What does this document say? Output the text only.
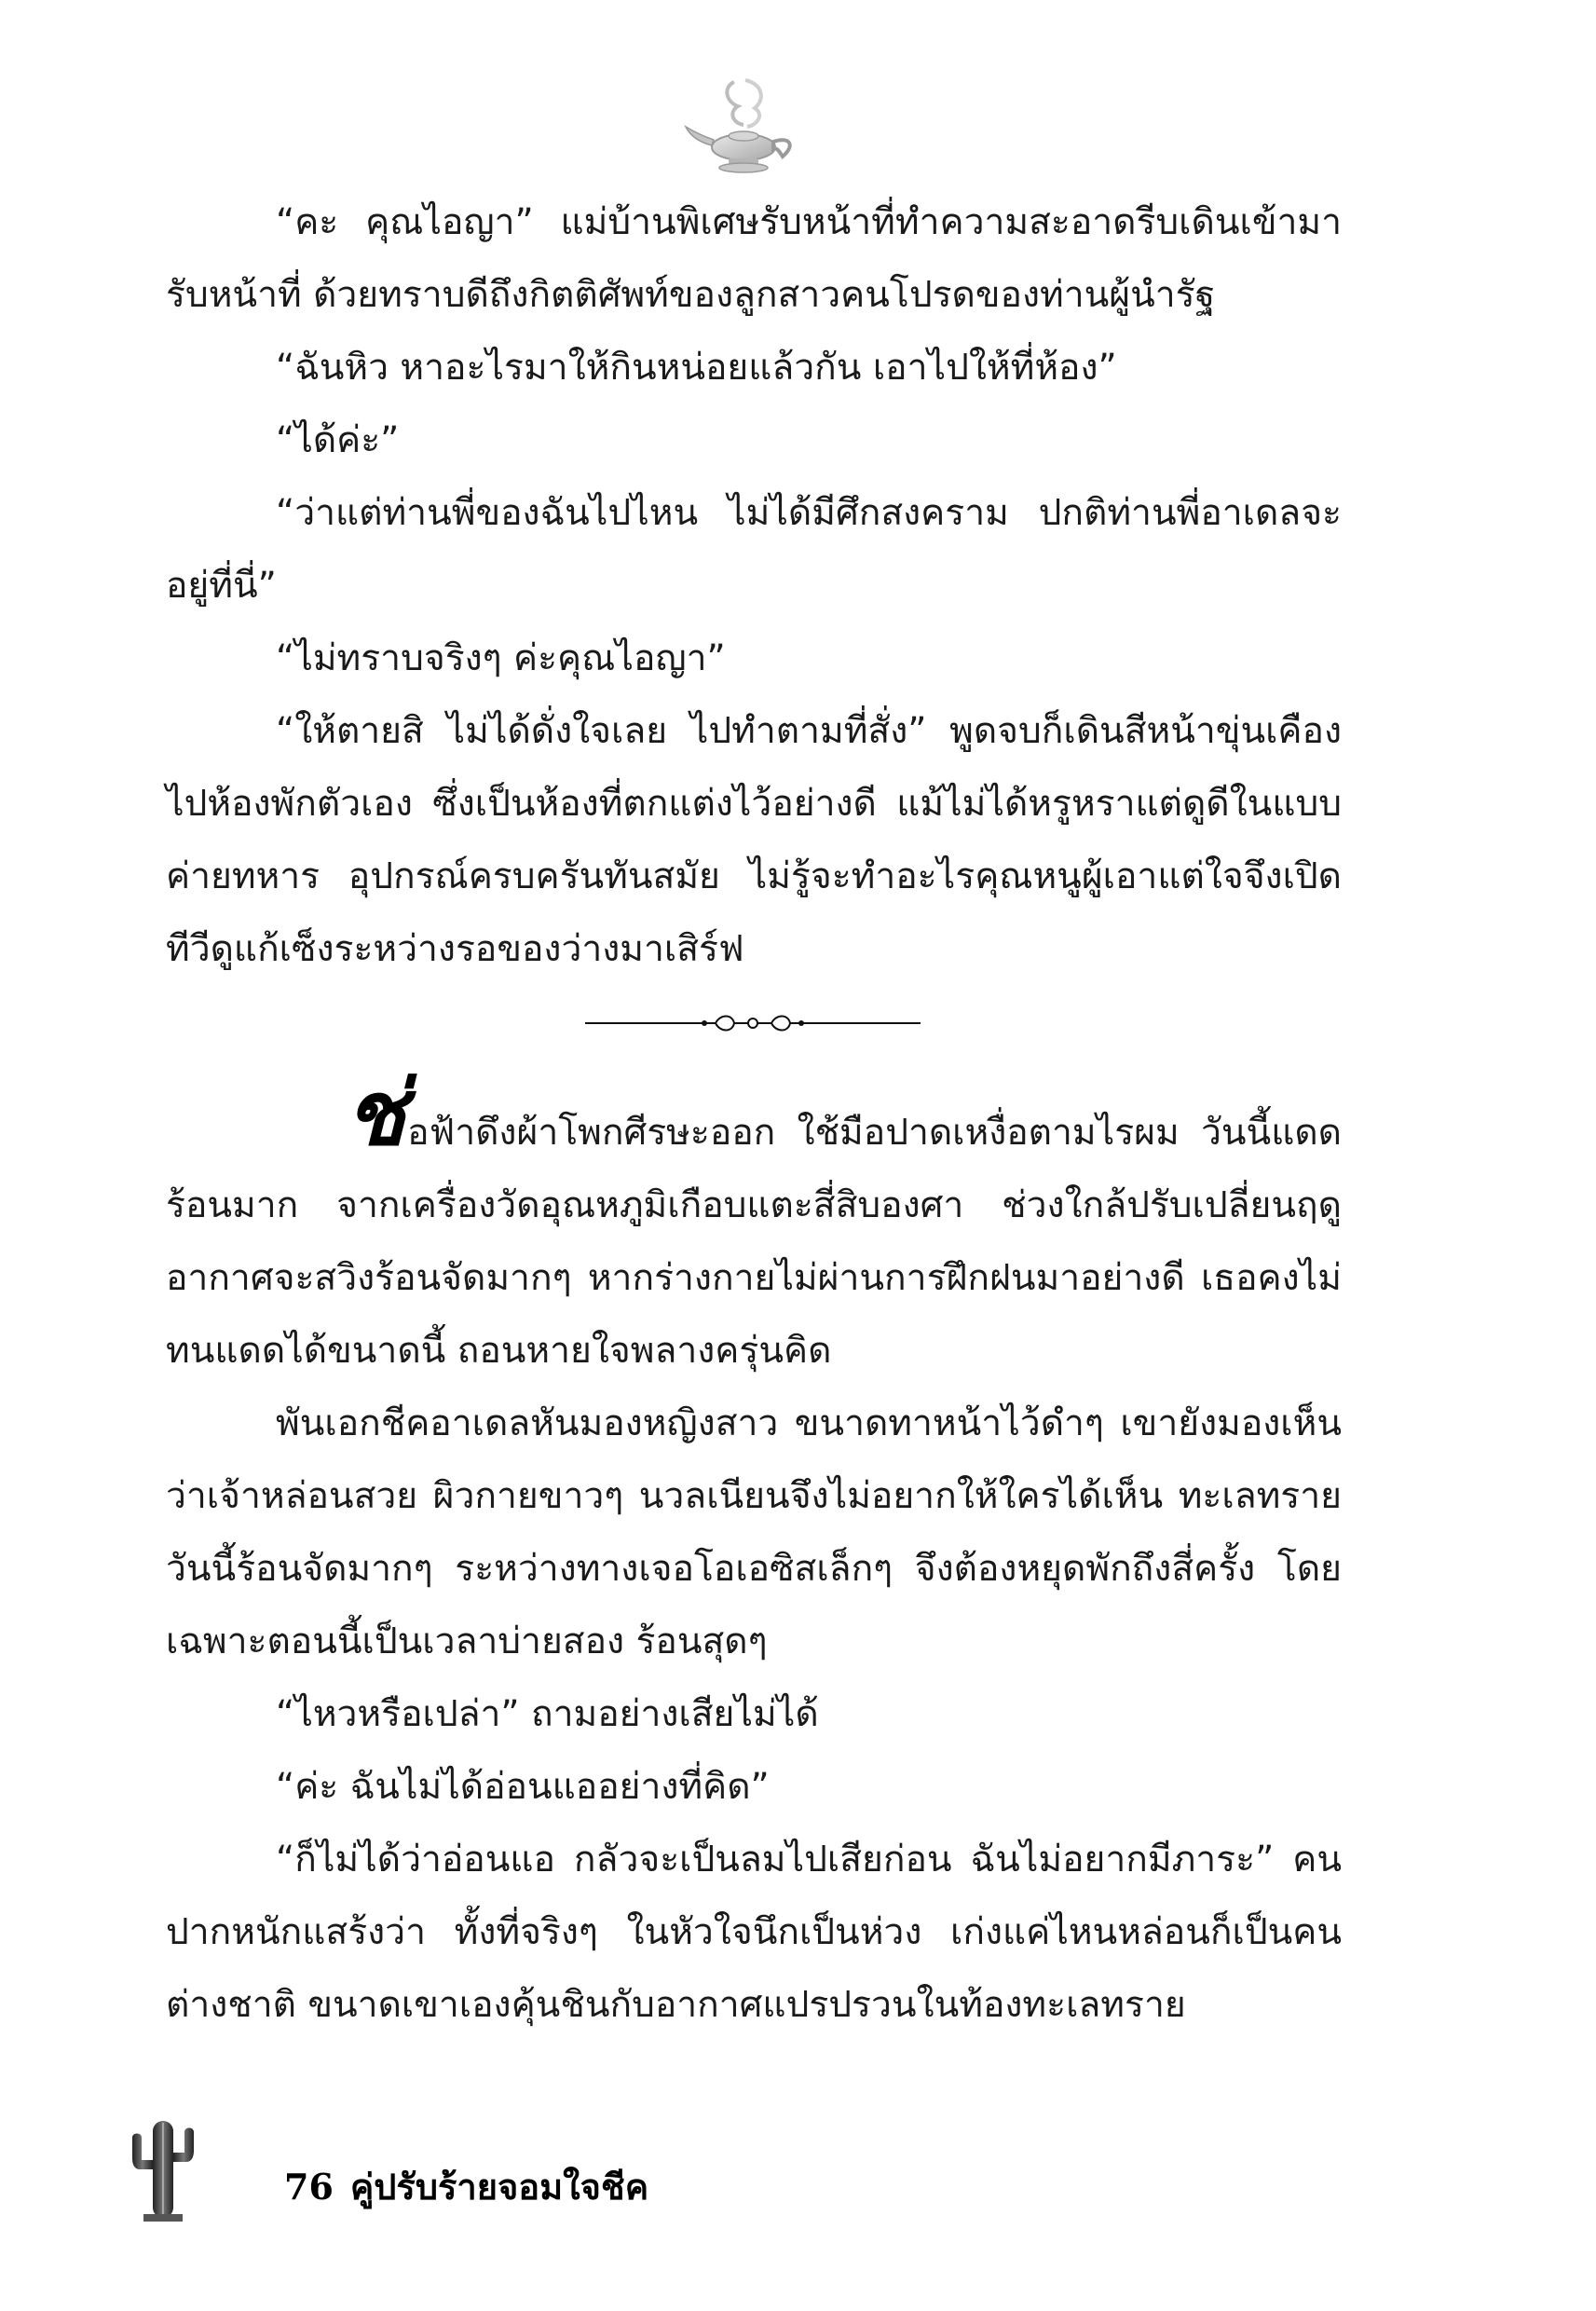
“คะ คุณไอญา” แม่บ้านพิเศษรับหน้าที่ทำความสะอาดรีบเดินเข้ามารับหน้าที่ ด้วยทราบดีถึงกิตติศัพท์ของลูกสาวคนโปรดของท่านผู้นำรัฐ

“ฉันหิว หาอะไรมาให้กินหน่อยแล้วกัน เอาไปให้ที่ห้อง”

“ได้ค่ะ”

“ว่าแต่ท่านพี่ของฉันไปไหน ไม่ได้มีศึกสงคราม ปกติท่านพี่อาเดลจะอยู่ที่นี่”

“ไม่ทราบจริงๆ ค่ะคุณไอญา”

“ให้ตายสิ ไม่ได้ดั่งใจเลย ไปทำตามที่สั่ง” พูดจบก็เดินสีหน้าขุ่นเคืองไปห้องพักตัวเอง ซึ่งเป็นห้องที่ตกแต่งไว้อย่างดี แม้ไม่ได้หรูหราแต่ดูดีในแบบค่ายทหาร อุปกรณ์ครบครันทันสมัย ไม่รู้จะทำอะไรคุณหนูผู้เอาแต่ใจจึงเปิดทีวีดูแก้เซ็งระหว่างรอของว่างมาเสิร์ฟ

ช่อฟ้าดึงผ้าโพกศีรษะออก ใช้มือปาดเหงื่อตามไรผม วันนี้แดดร้อนมาก จากเครื่องวัดอุณหภูมิเกือบแตะสี่สิบองศา ช่วงใกล้ปรับเปลี่ยนฤดูอากาศจะสวิงร้อนจัดมากๆ หากร่างกายไม่ผ่านการฝึกฝนมาอย่างดี เธอคงไม่ทนแดดได้ขนาดนี้ ถอนหายใจพลางครุ่นคิด

พันเอกชีคอาเดลหันมองหญิงสาว ขนาดทาหน้าไว้ดำๆ เขายังมองเห็นว่าเจ้าหล่อนสวย ผิวกายขาวๆ นวลเนียนจึงไม่อยากให้ใครได้เห็น ทะเลทรายวันนี้ร้อนจัดมากๆ ระหว่างทางเจอโอเอซิสเล็กๆ จึงต้องหยุดพักถึงสี่ครั้ง โดยเฉพาะตอนนี้เป็นเวลาบ่ายสอง ร้อนสุดๆ

“ไหวหรือเปล่า” ถามอย่างเสียไม่ได้

“ค่ะ ฉันไม่ได้อ่อนแออย่างที่คิด”

“ก็ไม่ได้ว่าอ่อนแอ กลัวจะเป็นลมไปเสียก่อน ฉันไม่อยากมีภาระ” คนปากหนักแสร้งว่า ทั้งที่จริงๆ ในหัวใจนึกเป็นห่วง เก่งแค่ไหนหล่อนก็เป็นคนต่างชาติ ขนาดเขาเองคุ้นชินกับอากาศแปรปรวนในท้องทะเลทราย

76 คู่ปรับร้ายจอมใจชีค
